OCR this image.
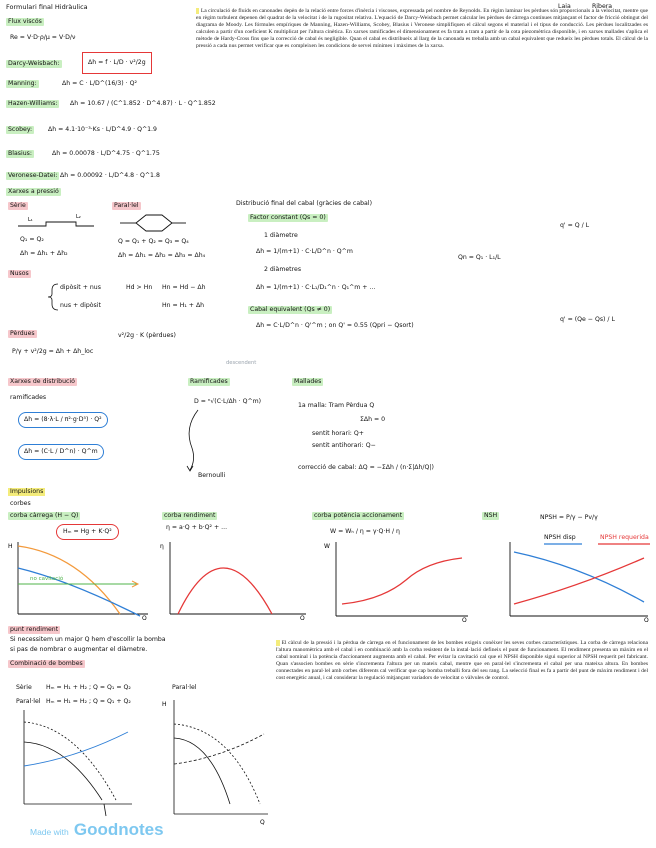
Formulari final Hidràulica	Laia	Ribera
Flux viscós
Re = V·D·ρ/μ = V·D/ν
Darcy-Weisbach:	Δh = f · L/D · v²/2g
Manning:	Δh = C · L/D^(16/3) · Q²
Hazen-Williams:	Δh = 10.67 / (C^1.852 · D^4.87) · L · Q^1.852
Scobey:	Δh = 4.1·10⁻³·Ks · L/D^4.9 · Q^1.9
Blasius:	Δh = 0.00078 · L/D^4.75 · Q^1.75
Veronese-Datei: Δh = 0.00092 · L/D^4.8 · Q^1.8
La circulació de fluids en canonades depèn de la relació entre forces d'inèrcia i viscoses, expressada pel nombre de Reynolds. En règim laminar les pèrdues són proporcionals a la velocitat, mentre que en règim turbulent depenen del quadrat de la velocitat i de la rugositat relativa. L'equació de Darcy-Weisbach permet calcular les pèrdues de càrrega contínues mitjançant el factor de fricció obtingut del diagrama de Moody. Les fórmules empíriques de Manning, Hazen-Williams, Scobey, Blasius i Veronese simplifiquen el càlcul segons el material i el tipus de conducció. Les pèrdues localitzades es calculen a partir d'un coeficient K multiplicat per l'altura cinètica. En xarxes ramificades el dimensionament es fa tram a tram a partir de la cota piezomètrica disponible, i en xarxes mallades s'aplica el mètode de Hardy-Cross fins que la correcció de cabal és negligible. Quan el cabal es distribueix al llarg de la canonada es treballa amb un cabal equivalent que redueix les pèrdues totals. El càlcul de la pressió a cada nus permet verificar que es compleixen les condicions de servei mínimes i màximes de la xarxa.
Xarxes a pressió
Sèrie
L₁	L₂
Q₁ = Q₂
Δh = Δh₁ + Δh₂
Paral·lel
Q = Q₁ + Q₂ = Q₃ = Q₄
Δh = Δh₁ = Δh₂ = Δh₃ = Δh₄
Nusos
dipòsit + nus
nus + dipòsit
Hd > Hn Hn = Hd − Δh
Hn = H₁ + Δh
Pèrdues
P/γ + v²/2g = Δh + Δh_loc
v²/2g · K (pèrdues)
descendent
Xarxes de distribució
ramificades
Δh = (8·λ·L / π²·g·D⁵) · Q²
Δh = (C·L / D^n) · Q^m
Ramificades
D = ⁿ√(C·L/Δh · Q^m)
Bernoulli
Mallades
1a malla: Tram Pèrdua Q
ΣΔh = 0
sentit horari: Q+
sentit antihorari: Q−
correcció de cabal: ΔQ = −ΣΔh / (n·Σ|Δh/Q|)
Distribució final del cabal (gràcies de cabal)
Factor constant (Qs = 0)
1 diàmetre
Δh = 1/(m+1) · C·L/D^n · Q^m
2 diàmetres
Δh = 1/(m+1) · C·L₁/D₁^n · Q₁^m + ...
Cabal equivalent (Qs ≠ 0)
Δh = C·L/D^n · Q'^m ; on Q' = 0.55 (Qpri − Qsort)
q' = Q / L
q' = (Qe − Qs) / L
Qn = Q₁ · L₁/L
Impulsions
corbes
corba càrrega (H − Q)
Hₘ = Hg + K·Q²
corba rendiment
η = a·Q + b·Q² + ...
corba potència accionament
W = Wₕ / η = γ·Q·H / η
NSH	NPSH = P/γ − Pv/γ
NPSH disp	NPSH requerida
H
Q
no cavitació
η
Q
W
Q	Q
punt rendiment
Si necessitem un major Q hem d'escollir la bomba
si pas de nombrar o augmentar el diàmetre.
Combinació de bombes
Sèrie Hₘ = H₁ + H₂ ; Q = Q₁ = Q₂
Paral·lel Hₘ = H₁ = H₂ ; Q = Q₁ + Q₂
Paral·lel
H
Q
El càlcul de la pressió i la pèrdua de càrrega en el funcionament de les bombes exigeix conèixer les seves corbes característiques. La corba de càrrega relaciona l'altura manomètrica amb el cabal i en combinació amb la corba resistent de la instal·lació defineix el punt de funcionament. El rendiment presenta un màxim en el cabal nominal i la potència d'accionament augmenta amb el cabal. Per evitar la cavitació cal que el NPSH disponible sigui superior al NPSH requerit pel fabricant. Quan s'associen bombes en sèrie s'incrementa l'altura per un mateix cabal, mentre que en paral·lel s'incrementa el cabal per una mateixa altura. En bombes connectades en paral·lel amb corbes diferents cal verificar que cap bomba treballi fora del seu rang. La selecció final es fa a partir del punt de màxim rendiment i del cost energètic anual, i cal considerar la regulació mitjançant variadors de velocitat o vàlvules de control.
Made with Goodnotes
